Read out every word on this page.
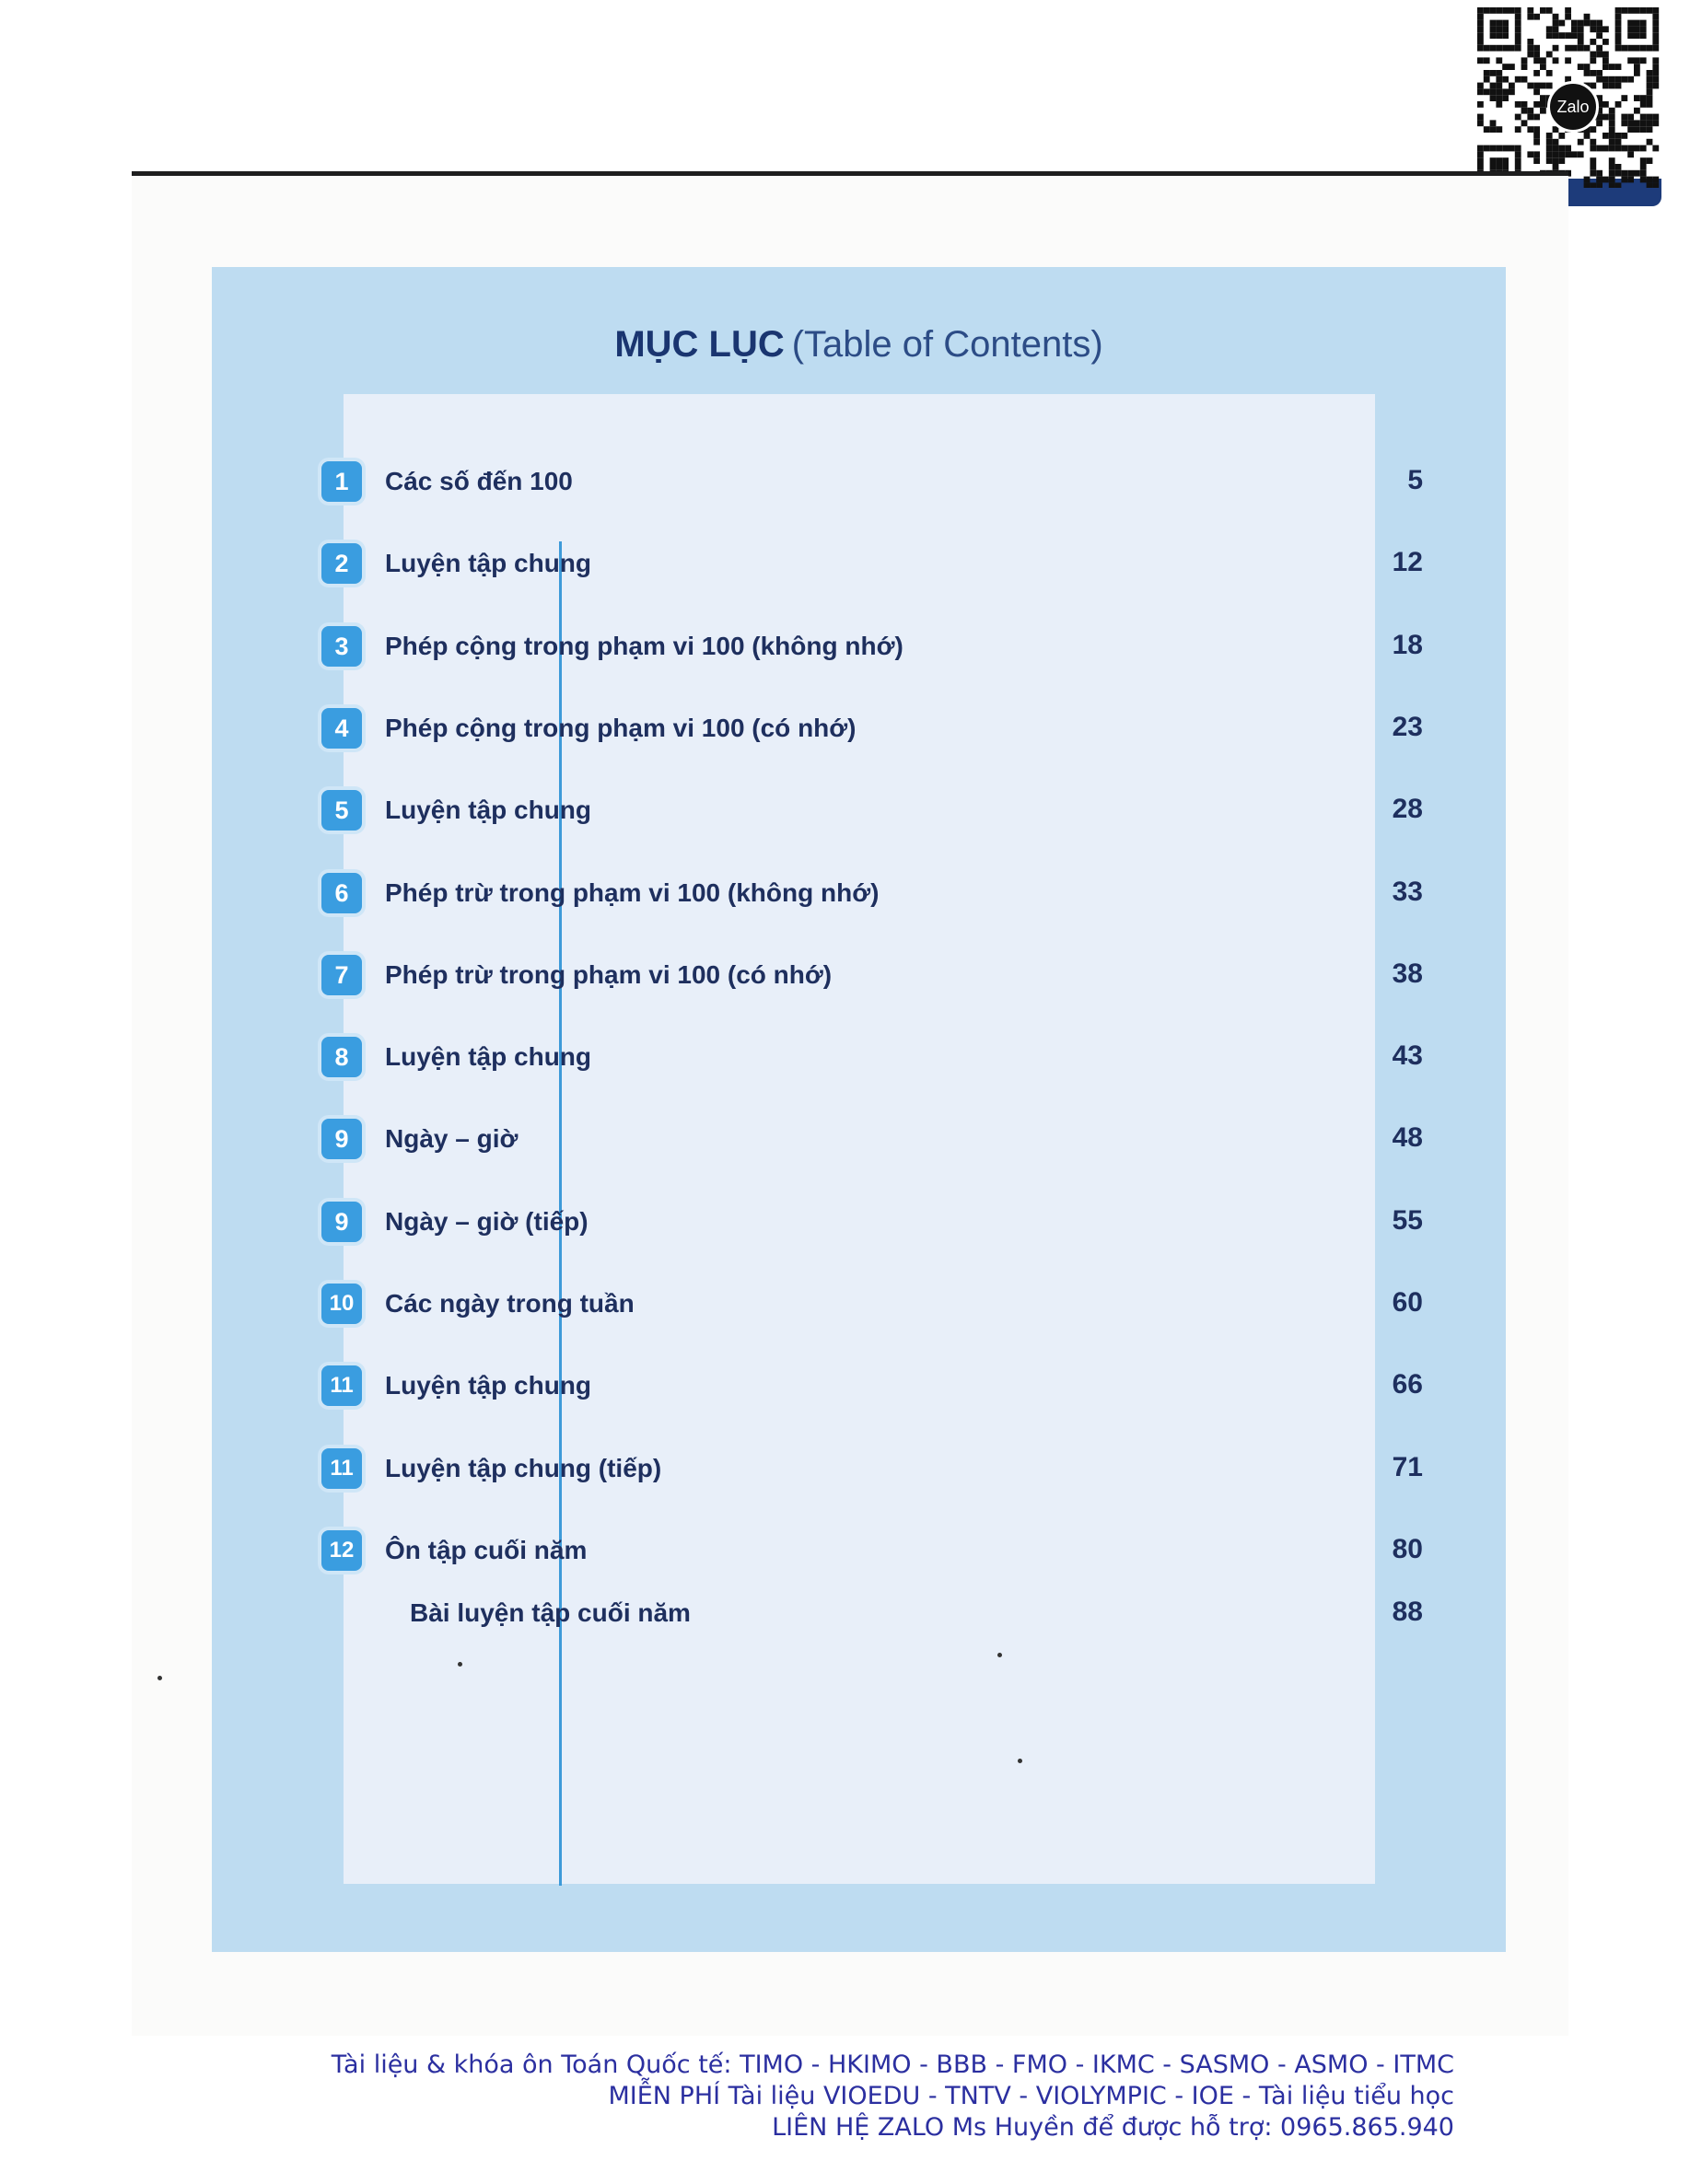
Zalo
MỤC LỤC (Table of Contents)
1	Các số đến 100	5
2	Luyện tập chung	12
3	Phép cộng trong phạm vi 100 (không nhớ)	18
4	Phép cộng trong phạm vi 100 (có nhớ)	23
5	Luyện tập chung	28
6	Phép trừ trong phạm vi 100 (không nhớ)	33
7	Phép trừ trong phạm vi 100 (có nhớ)	38
8	Luyện tập chung	43
9	Ngày – giờ	48
9	Ngày – giờ (tiếp)	55
10	Các ngày trong tuần	60
11	Luyện tập chung	66
11	Luyện tập chung (tiếp)	71
12	Ôn tập cuối năm	80
Bài luyện tập cuối năm	88
Tài liệu & khóa ôn Toán Quốc tế: TIMO - HKIMO - BBB - FMO - IKMC - SASMO - ASMO - ITMC
MIỄN PHÍ Tài liệu VIOEDU - TNTV - VIOLYMPIC - IOE - Tài liệu tiểu học
LIÊN HỆ ZALO Ms Huyền để được hỗ trợ: 0965.865.940
